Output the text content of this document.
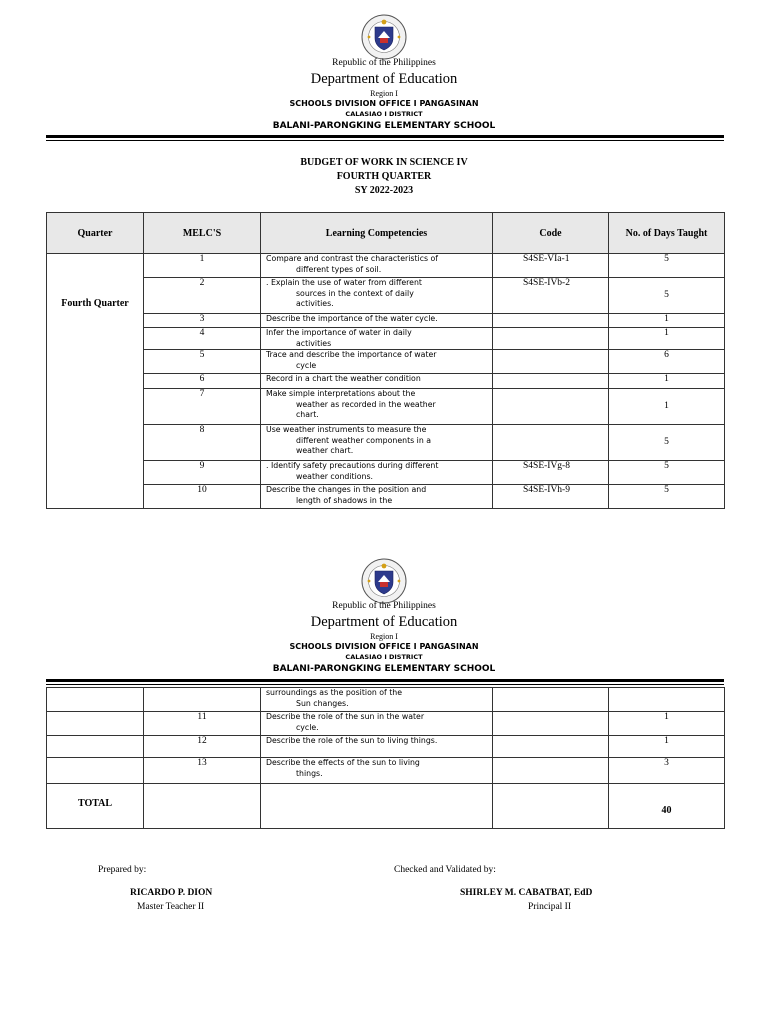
Republic of the Philippines
Department of Education
Region I
SCHOOLS DIVISION OFFICE I PANGASINAN
CALASIAO I DISTRICT
BALANI-PARONGKING ELEMENTARY SCHOOL
BUDGET OF WORK IN SCIENCE IV
FOURTH QUARTER
SY 2022-2023
Quarter	MELC'S	Learning Competencies	Code	No. of Days Taught
Fourth Quarter	1	Compare and contrast the characteristics of
different types of soil.	S4SE-VIa-1	5
	2	. Explain the use of water from different
sources in the context of daily
activities.	S4SE-IVb-2	5
	3	Describe the importance of the water cycle.		1
	4	Infer the importance of water in daily
activities		1
	5	Trace and describe the importance of water
cycle		6
	6	Record in a chart the weather condition		1
	7	Make simple interpretations about the
weather as recorded in the weather
chart.		1
	8	Use weather instruments to measure the
different weather components in a
weather chart.		5
	9	. Identify safety precautions during different
weather conditions.	S4SE-IVg-8	5
	10	Describe the changes in the position and
length of shadows in the	S4SE-IVh-9	5
Republic of the Philippines
Department of Education
Region I
SCHOOLS DIVISION OFFICE I PANGASINAN
CALASIAO I DISTRICT
BALANI-PARONGKING ELEMENTARY SCHOOL

		surroundings as the position of the
Sun changes.		

	11	Describe the role of the sun in the water
cycle.		1
	12	Describe the role of the sun to living things.		1
	13	Describe the effects of the sun to living
things.		3
TOTAL				40
Prepared by:
RICARDO P. DION
Master Teacher II
Checked and Validated by:
SHIRLEY M. CABATBAT, EdD
Principal II
